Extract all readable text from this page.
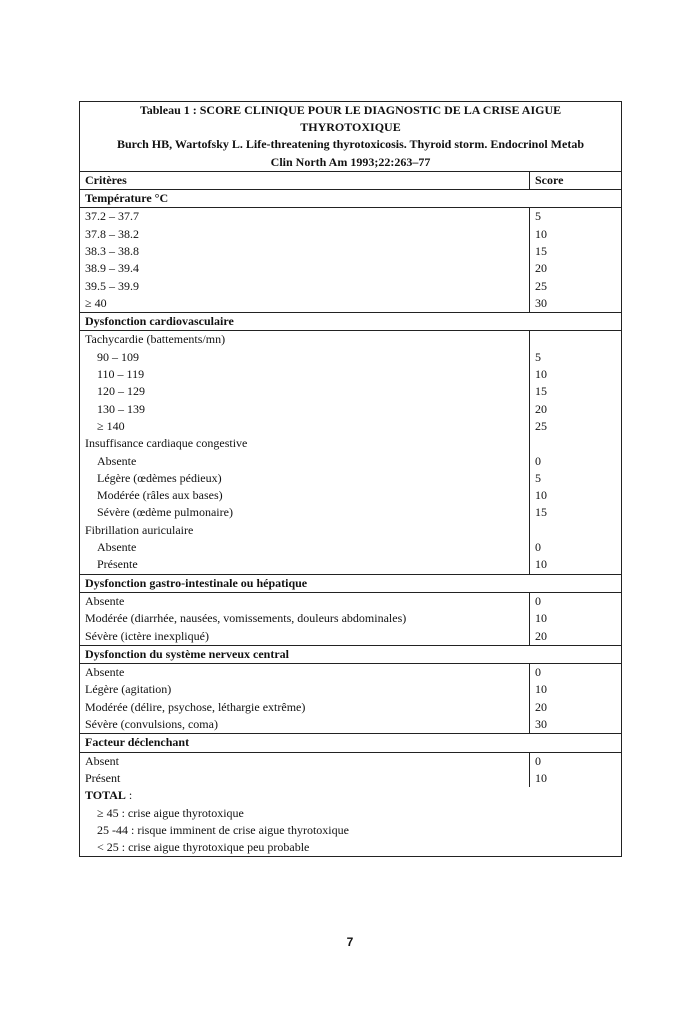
Tableau 1 : SCORE CLINIQUE POUR LE DIAGNOSTIC DE LA CRISE AIGUE
THYROTOXIQUE
Burch HB, Wartofsky L. Life-threatening thyrotoxicosis. Thyroid storm. Endocrinol Metab
Clin North Am 1993;22:263–77
Critères	Score
Température °C
37.2 – 37.7
37.8 – 38.2
38.3 – 38.8
38.9 – 39.4
39.5 – 39.9
≥ 40
5
10
15
20
25
30
Dysfonction cardiovasculaire
Tachycardie (battements/mn)
90 – 109
110 – 119
120 – 129
130 – 139
≥ 140
Insuffisance cardiaque congestive
Absente
Légère (œdèmes pédieux)
Modérée (râles aux bases)
Sévère (œdème pulmonaire)
Fibrillation auriculaire
Absente
Présente
5
10
15
20
25
0
5
10
15
0
10
Dysfonction gastro-intestinale ou hépatique
Absente
Modérée (diarrhée, nausées, vomissements, douleurs abdominales)
Sévère (ictère inexpliqué)
0
10
20
Dysfonction du système nerveux central
Absente
Légère (agitation)
Modérée (délire, psychose, léthargie extrême)
Sévère (convulsions, coma)
0
10
20
30
Facteur déclenchant
Absent
Présent
0
10
TOTAL :
≥ 45 : crise aigue thyrotoxique
25 -44 : risque imminent de crise aigue thyrotoxique
< 25 : crise aigue thyrotoxique peu probable
7
